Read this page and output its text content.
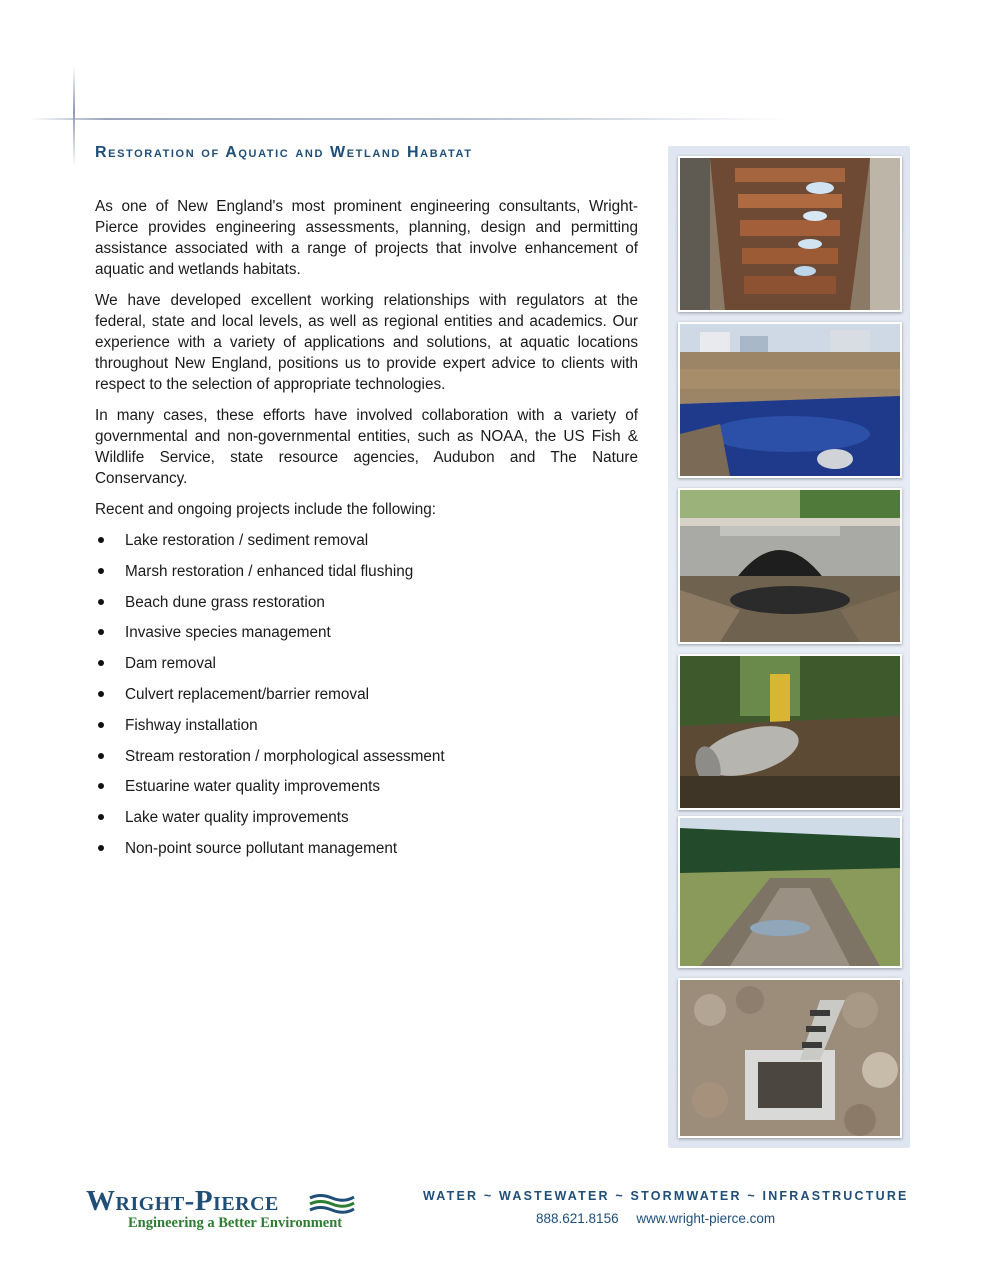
Restoration of Aquatic and Wetland Habatat

As one of New England's most prominent engineering consultants, Wright-Pierce provides engineering assessments, planning, design and permitting assistance associated with a range of projects that involve enhancement of aquatic and wetlands habitats.

We have developed excellent working relationships with regulators at the federal, state and local levels, as well as regional entities and academics. Our experience with a variety of applications and solutions, at aquatic locations throughout New England, positions us to provide expert advice to clients with respect to the selection of appropriate technologies.

In many cases, these efforts have involved collaboration with a variety of governmental and non-governmental entities, such as NOAA, the US Fish & Wildlife Service, state resource agencies, Audubon and The Nature Conservancy.

Recent and ongoing projects include the following:

Lake restoration / sediment removal
Marsh restoration / enhanced tidal flushing
Beach dune grass restoration
Invasive species management
Dam removal
Culvert replacement/barrier removal
Fishway installation
Stream restoration / morphological assessment
Estuarine water quality improvements
Lake water quality improvements
Non-point source pollutant management
Wright-Pierce
Engineering a Better Environment
WATER ~ WASTEWATER ~ STORMWATER ~ INFRASTRUCTURE
888.621.8156 www.wright-pierce.com
